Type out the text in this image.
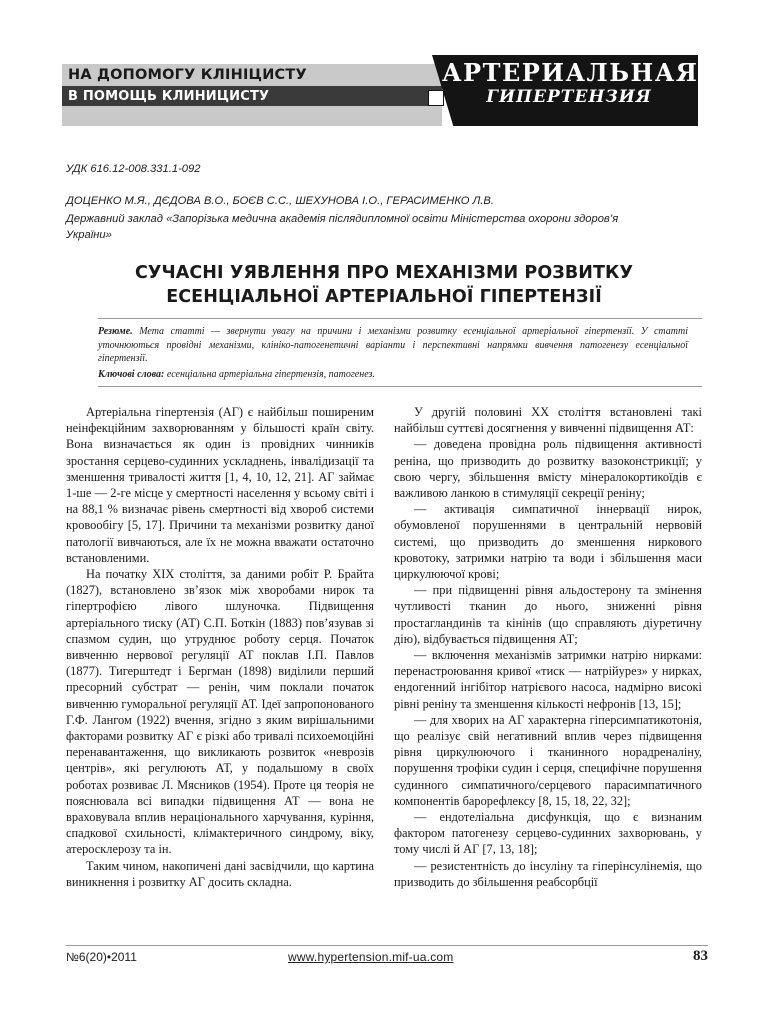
НА ДОПОМОГУ КЛІНІЦИСТУ
В ПОМОЩЬ КЛИНИЦИСТУ
АРТЕРИАЛЬНАЯ
ГИПЕРТЕНЗИЯ
УДК 616.12-008.331.1-092
ДОЦЕНКО М.Я., ДЄДОВА В.О., БОЄВ С.С., ШЕХУНОВА І.О., ГЕРАСИМЕНКО Л.В.
Державний заклад «Запорізька медична академія післядипломної освіти Міністерства охорони здоров’я України»
СУЧАСНІ УЯВЛЕННЯ ПРО МЕХАНІЗМИ РОЗВИТКУ
ЕСЕНЦІАЛЬНОЇ АРТЕРІАЛЬНОЇ ГІПЕРТЕНЗІЇ
Резюме. Мета статті — звернути увагу на причини і механізми розвитку есенціальної артеріальної гіпертензії. У статті уточнюються провідні механізми, клініко-патогенетичні варіанти і перспективні напрямки вивчення патогенезу есенціальної гіпертензії.
Ключові слова: есенціальна артеріальна гіпертензія, патогенез.

Артеріальна гіпертензія (АГ) є найбільш поширеним неінфекційним захворюванням у більшості країн світу. Вона визначається як один із провідних чинників зростання серцево-судинних ускладнень, інвалідизації та зменшення тривалості життя [1, 4, 10, 12, 21]. АГ займає 1-ше — 2-ге місце у смертності населення у всьому світі і на 88,1 % визначає рівень смертності від хвороб системи кровообігу [5, 17]. Причини та механізми розвитку даної патології вивчаються, але їх не можна вважати остаточно встановленими.

На початку XIX століття, за даними робіт Р. Брайта (1827), встановлено зв’язок між хворобами нирок та гіпертрофією лівого шлуночка. Підвищення артеріального тиску (АТ) С.П. Боткін (1883) пов’язував зі спазмом судин, що утруднює роботу серця. Початок вивченню нервової регуляції АТ поклав І.П. Павлов (1877). Тигерштедт і Бергман (1898) виділили перший пресорний субстрат — ренін, чим поклали початок вивченню гуморальної регуляції АТ. Ідеї запропонованого Г.Ф. Лангом (1922) вчення, згідно з яким вирішальними факторами розвитку АГ є різкі або тривалі психоемоційні перенавантаження, що викликають розвиток «неврозів центрів», які регулюють АТ, у подальшому в своїх роботах розвиває Л. Мясников (1954). Проте ця теорія не пояснювала всі випадки підвищення АТ — вона не враховувала вплив нераціонального харчування, куріння, спадкової схильності, клімактеричного синдрому, віку, атеросклерозу та ін.

Таким чином, накопичені дані засвідчили, що картина виникнення і розвитку АГ досить складна.

У другій половині XX століття встановлені такі найбільш суттєві досягнення у вивченні підвищення АТ:

— доведена провідна роль підвищення активності реніна, що призводить до розвитку вазоконстрикції; у свою чергу, збільшення вмісту мінералокортикоїдів є важливою ланкою в стимуляції секреції реніну;

— активація симпатичної іннервації нирок, обумовленої порушеннями в центральній нервовій системі, що призводить до зменшення ниркового кровотоку, затримки натрію та води і збільшення маси циркулюючої крові;

— при підвищенні рівня альдостерону та змінення чутливості тканин до нього, зниженні рівня простагландинів та кінінів (що справляють діуретичну дію), відбувається підвищення АТ;

— включення механізмів затримки натрію нирками: перенастроювання кривої «тиск — натрійурез» у нирках, ендогенний інгібітор натрієвого насоса, надмірно високі рівні реніну та зменшення кількості нефронів [13, 15];

— для хворих на АГ характерна гіперсимпатикотонія, що реалізує свій негативний вплив через підвищення рівня циркулюючого і тканинного норадреналіну, порушення трофіки судин і серця, специфічне порушення судинного симпатичного/серцевого парасимпатичного компонентів барорефлексу [8, 15, 18, 22, 32];

— ендотеліальна дисфункція, що є визнаним фактором патогенезу серцево-судинних захворювань, у тому числі й АГ [7, 13, 18];

— резистентність до інсуліну та гіперінсулінемія, що призводить до збільшення реабсорбції

№6(20)•2011	www.hypertension.mif-ua.com	83
